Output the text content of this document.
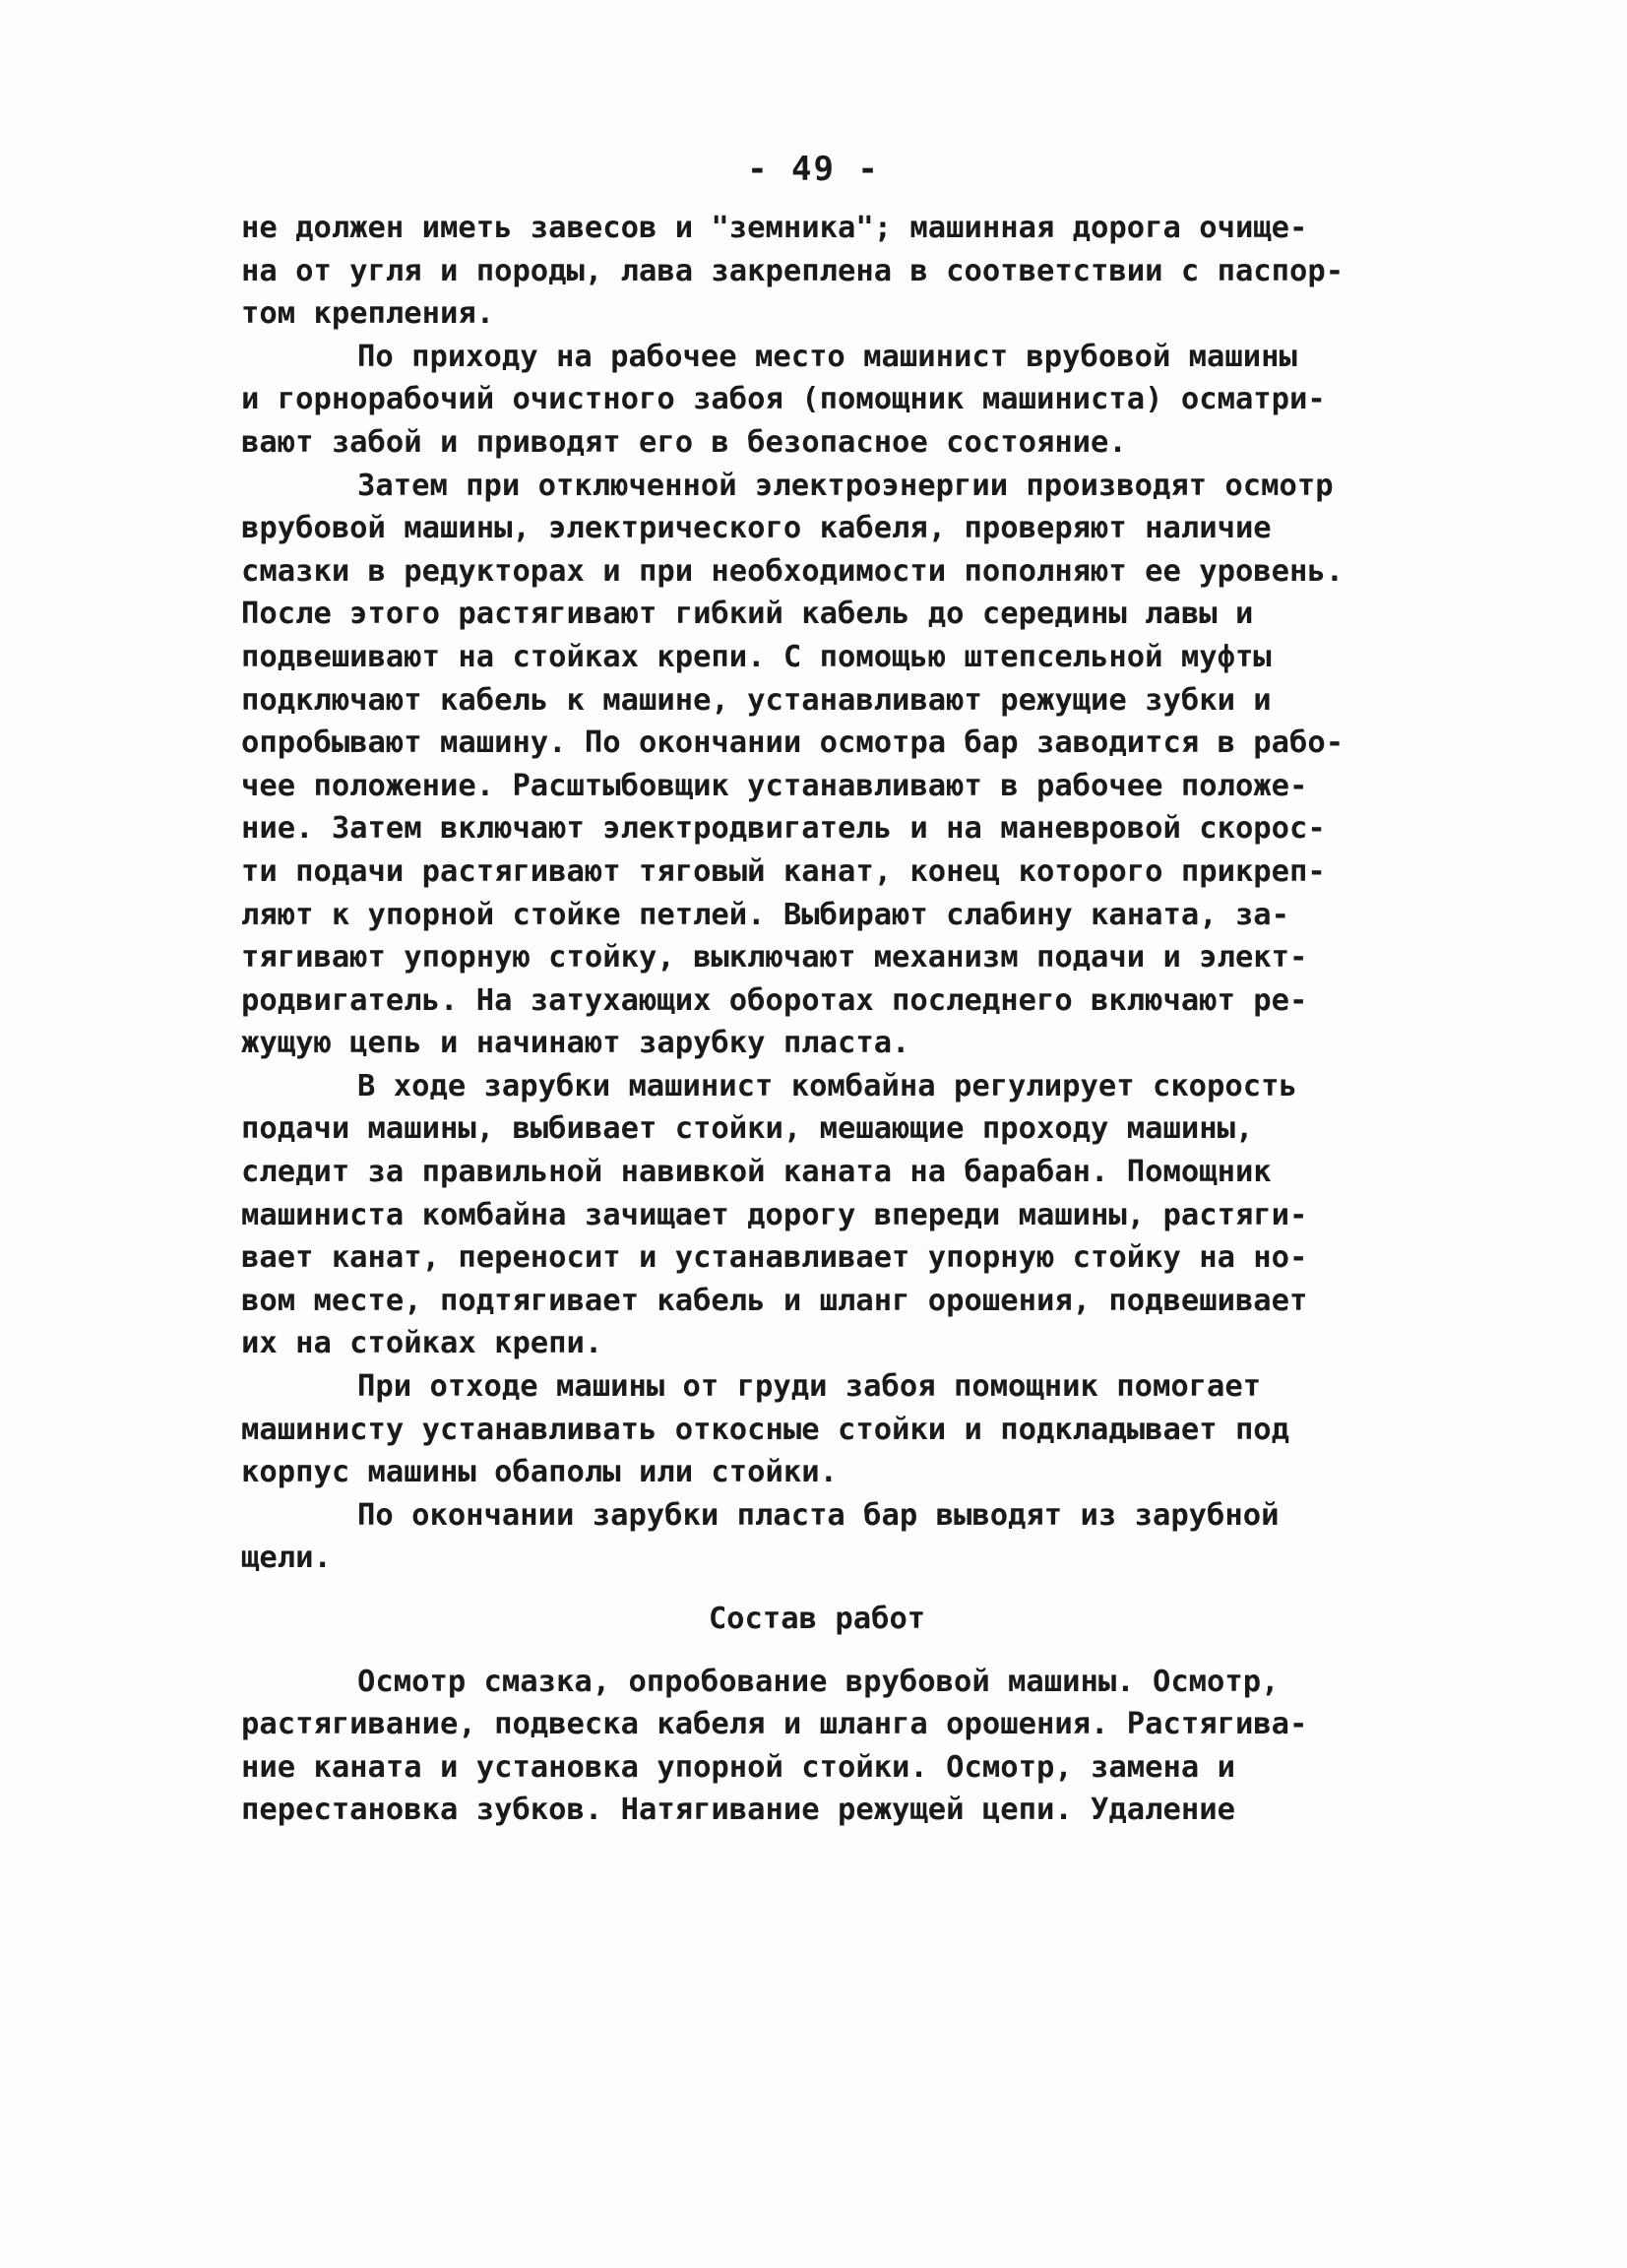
- 49 -

не должен иметь завесов и "земника"; машинная дорога очище-
на от угля и породы, лава закреплена в соответствии с паспор-
том крепления.

По приходу на рабочее место машинист врубовой машины
и горнорабочий очистного забоя (помощник машиниста) осматри-
вают забой и приводят его в безопасное состояние.

Затем при отключенной электроэнергии производят осмотр
врубовой машины, электрического кабеля, проверяют наличие
смазки в редукторах и при необходимости пополняют ее уровень.
После этого растягивают гибкий кабель до середины лавы и
подвешивают на стойках крепи. С помощью штепсельной муфты
подключают кабель к машине, устанавливают режущие зубки и
опробывают машину. По окончании осмотра бар заводится в рабо-
чее положение. Расштыбовщик устанавливают в рабочее положе-
ние. Затем включают электродвигатель и на маневровой скорос-
ти подачи растягивают тяговый канат, конец которого прикреп-
ляют к упорной стойке петлей. Выбирают слабину каната, за-
тягивают упорную стойку, выключают механизм подачи и элект-
родвигатель. На затухающих оборотах последнего включают ре-
жущую цепь и начинают зарубку пласта.

В ходе зарубки машинист комбайна регулирует скорость
подачи машины, выбивает стойки, мешающие проходу машины,
следит за правильной навивкой каната на барабан. Помощник
машиниста комбайна зачищает дорогу впереди машины, растяги-
вает канат, переносит и устанавливает упорную стойку на но-
вом месте, подтягивает кабель и шланг орошения, подвешивает
их на стойках крепи.

При отходе машины от груди забоя помощник помогает
машинисту устанавливать откосные стойки и подкладывает под
корпус машины обаполы или стойки.

По окончании зарубки пласта бар выводят из зарубной
щели.

Состав работ

Осмотр смазка, опробование врубовой машины. Осмотр,
растягивание, подвеска кабеля и шланга орошения. Растягива-
ние каната и установка упорной стойки. Осмотр, замена и
перестановка зубков. Натягивание режущей цепи. Удаление
